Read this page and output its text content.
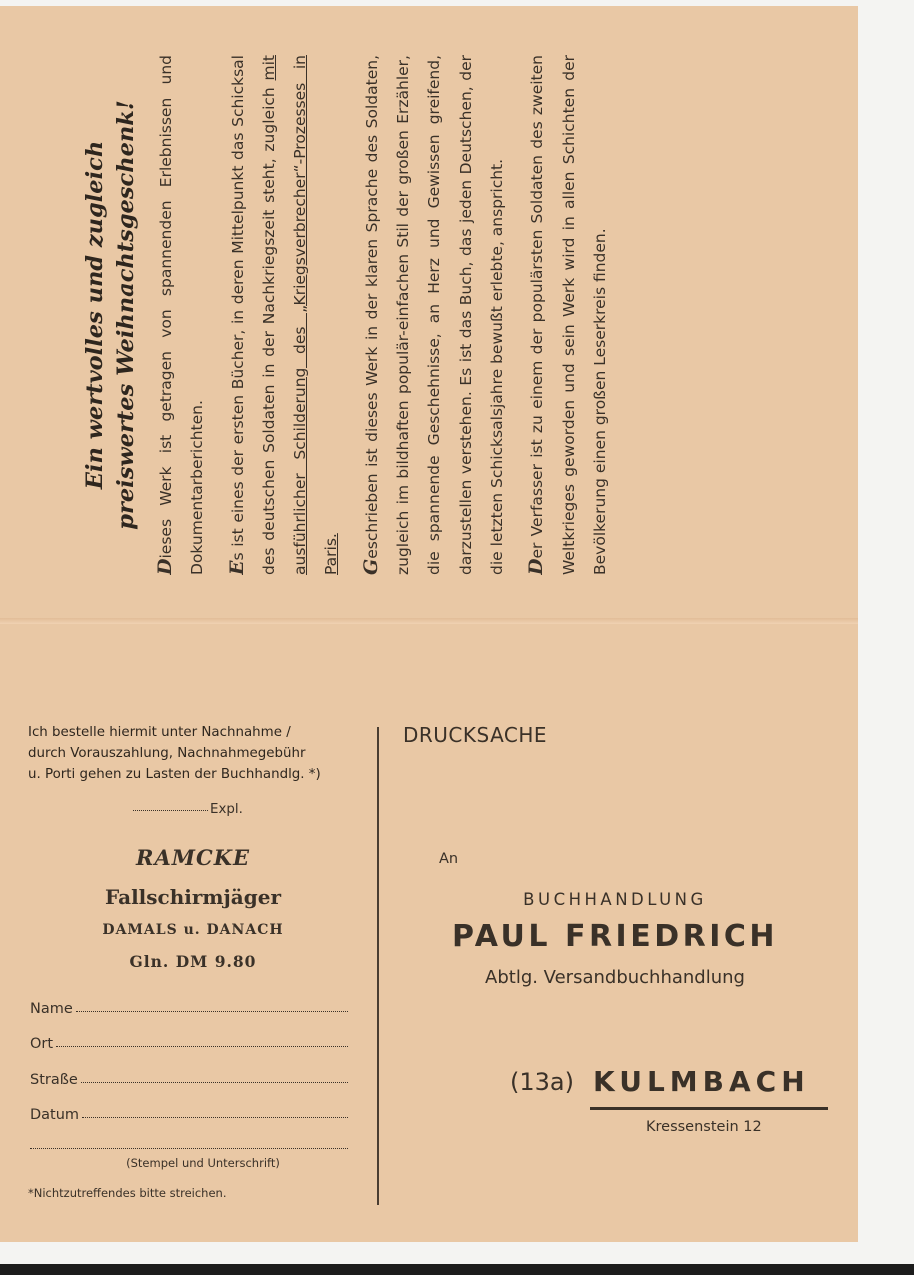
Ein wertvolles und zugleich preiswertes Weihnachtsgeschenk!

Dieses Werk ist getragen von spannenden Erlebnissen und Dokumentarberichten.	Es ist eines der ersten Bücher, in deren Mittelpunkt das Schicksal des deutschen Soldaten in der Nachkriegszeit steht, zugleich mit ausführlicher Schilderung des „Kriegsverbrecher“-Prozesses in Paris.	Geschrieben ist dieses Werk in der klaren Sprache des Soldaten, zugleich im bildhaften populär-einfachen Stil der großen Erzähler, die spannende Geschehnisse, an Herz und Gewissen greifend, darzustellen verstehen. Es ist das Buch, das jeden Deutschen, der die letzten Schicksalsjahre bewußt erlebte, anspricht.	Der Verfasser ist zu einem der populärsten Soldaten des zweiten Weltkrieges geworden und sein Werk wird in allen Schichten der Bevölkerung einen großen Leserkreis finden.

Ich bestelle hiermit unter Nachnahme /
durch Vorauszahlung, Nachnahmegebühr
u. Porti gehen zu Lasten der Buchhandlg. *)

Expl.
RAMCKE
Fallschirmjäger
DAMALS u. DANACH
Gln. DM 9.80
Name
Ort
Straße
Datum
(Stempel und Unterschrift)
*Nichtzutreffendes bitte streichen.
DRUCKSACHE
An
BUCHHANDLUNG
PAUL FRIEDRICH
Abtlg. Versandbuchhandlung
(13a) KULMBACH
Kressenstein 12
